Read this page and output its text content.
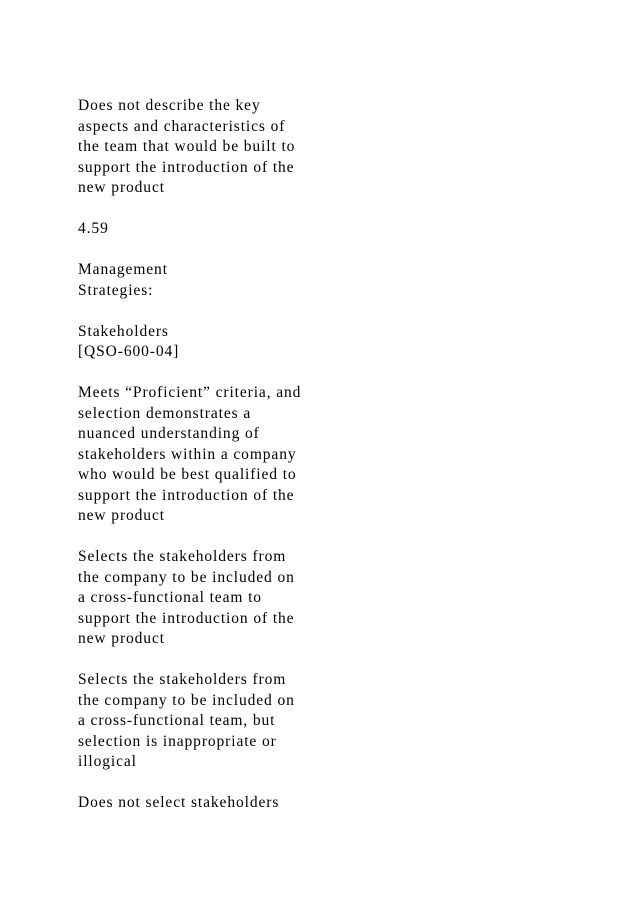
Does not describe the key
aspects and characteristics of
the team that would be built to
support the introduction of the
new product

4.59

Management
Strategies:

Stakeholders
[QSO-600-04]

Meets “Proficient” criteria, and
selection demonstrates a
nuanced understanding of
stakeholders within a company
who would be best qualified to
support the introduction of the
new product

Selects the stakeholders from
the company to be included on
a cross-functional team to
support the introduction of the
new product

Selects the stakeholders from
the company to be included on
a cross-functional team, but
selection is inappropriate or
illogical

Does not select stakeholders
